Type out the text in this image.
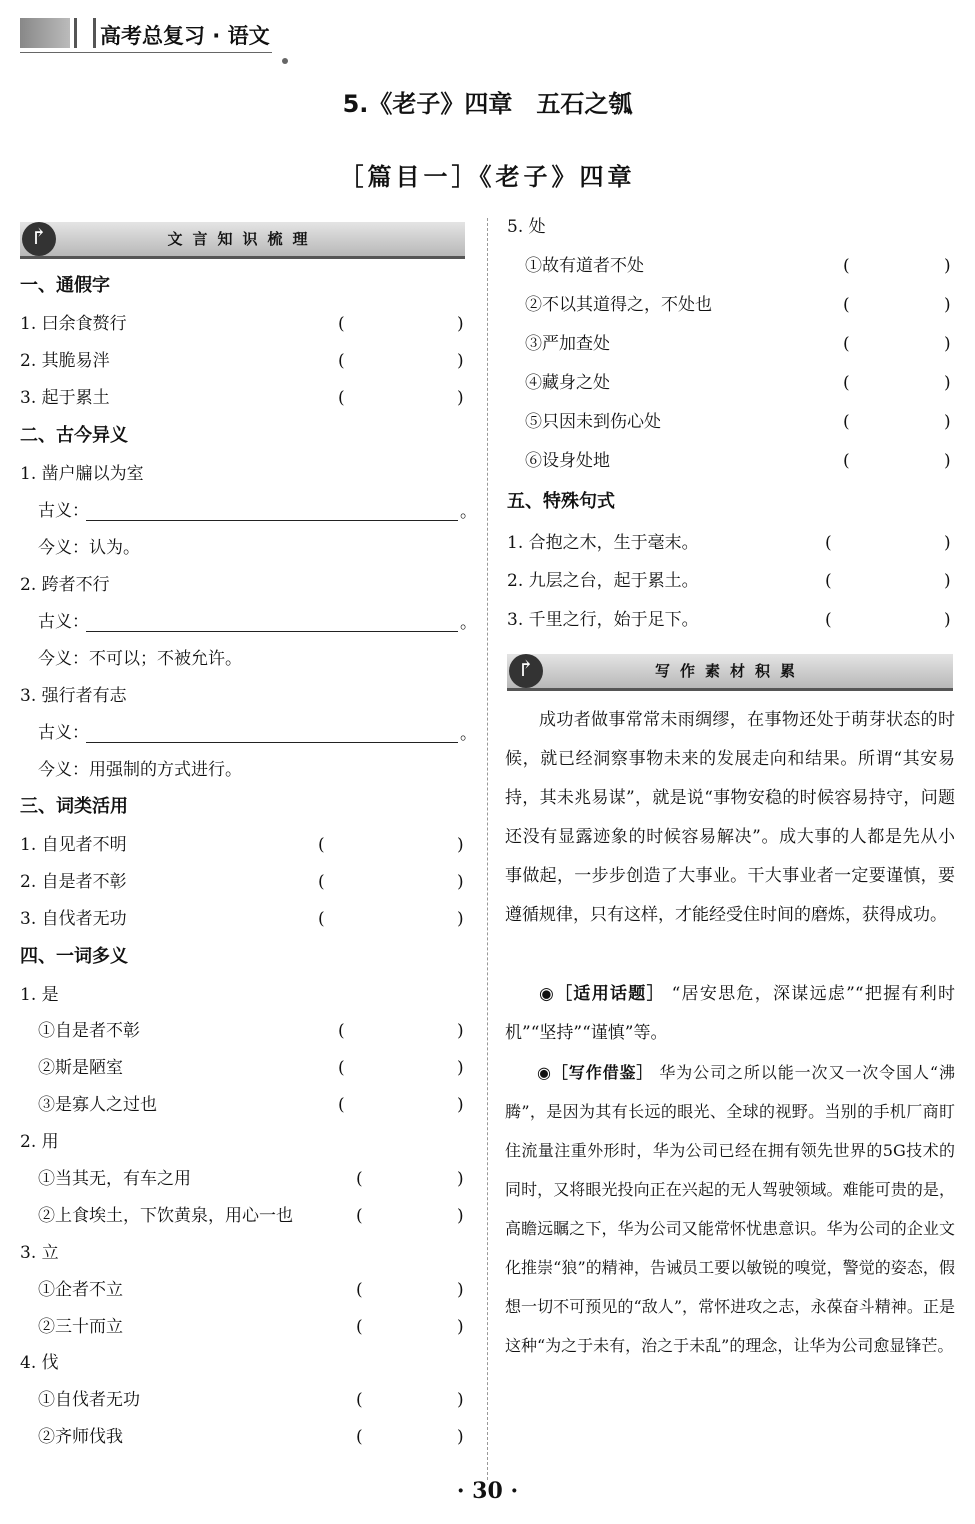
高考总复习 · 语文
5.《老子》四章　五石之瓠
［篇目一］《老子》四章
↱	文言知识梳理
一、通假字
1. 曰余食赘行	(	)
2. 其脆易泮	(	)
3. 起于累土	(	)
二、古今异义
1. 凿户牖以为室
古义：	。
今义：认为。
2. 跨者不行
古义：	。
今义：不可以；不被允许。
3. 强行者有志
古义：	。
今义：用强制的方式进行。
三、词类活用
1. 自见者不明	(	)
2. 自是者不彰	(	)
3. 自伐者无功	(	)
四、一词多义
1. 是
①自是者不彰	(	)
②斯是陋室	(	)
③是寡人之过也	(	)
2. 用
①当其无，有车之用	(	)
②上食埃土，下饮黄泉，用心一也	(	)
3. 立
①企者不立	(	)
②三十而立	(	)
4. 伐
①自伐者无功	(	)
②齐师伐我	(	)
5. 处
①故有道者不处	(	)
②不以其道得之，不处也	(	)
③严加查处	(	)
④藏身之处	(	)
⑤只因未到伤心处	(	)
⑥设身处地	(	)
五、特殊句式
1. 合抱之木，生于毫末。	(	)
2. 九层之台，起于累土。	(	)
3. 千里之行，始于足下。	(	)
↱	写作素材积累
成功者做事常常未雨绸缪，在事物还处于萌芽状态的时候，就已经洞察事物未来的发展走向和结果。所谓“其安易持，其未兆易谋”，就是说“事物安稳的时候容易持守，问题还没有显露迹象的时候容易解决”。成大事的人都是先从小事做起，一步步创造了大事业。干大事业者一定要谨慎，要遵循规律，只有这样，才能经受住时间的磨炼，获得成功。
◉［适用话题］ “居安思危，深谋远虑”“把握有利时机”“坚持”“谨慎”等。
◉［写作借鉴］ 华为公司之所以能一次又一次令国人“沸腾”，是因为其有长远的眼光、全球的视野。当别的手机厂商盯住流量注重外形时，华为公司已经在拥有领先世界的5G技术的同时，又将眼光投向正在兴起的无人驾驶领域。难能可贵的是，高瞻远瞩之下，华为公司又能常怀忧患意识。华为公司的企业文化推崇“狼”的精神，告诫员工要以敏锐的嗅觉，警觉的姿态，假想一切不可预见的“敌人”，常怀进攻之志，永葆奋斗精神。正是这种“为之于未有，治之于未乱”的理念，让华为公司愈显锋芒。
· 30 ·
